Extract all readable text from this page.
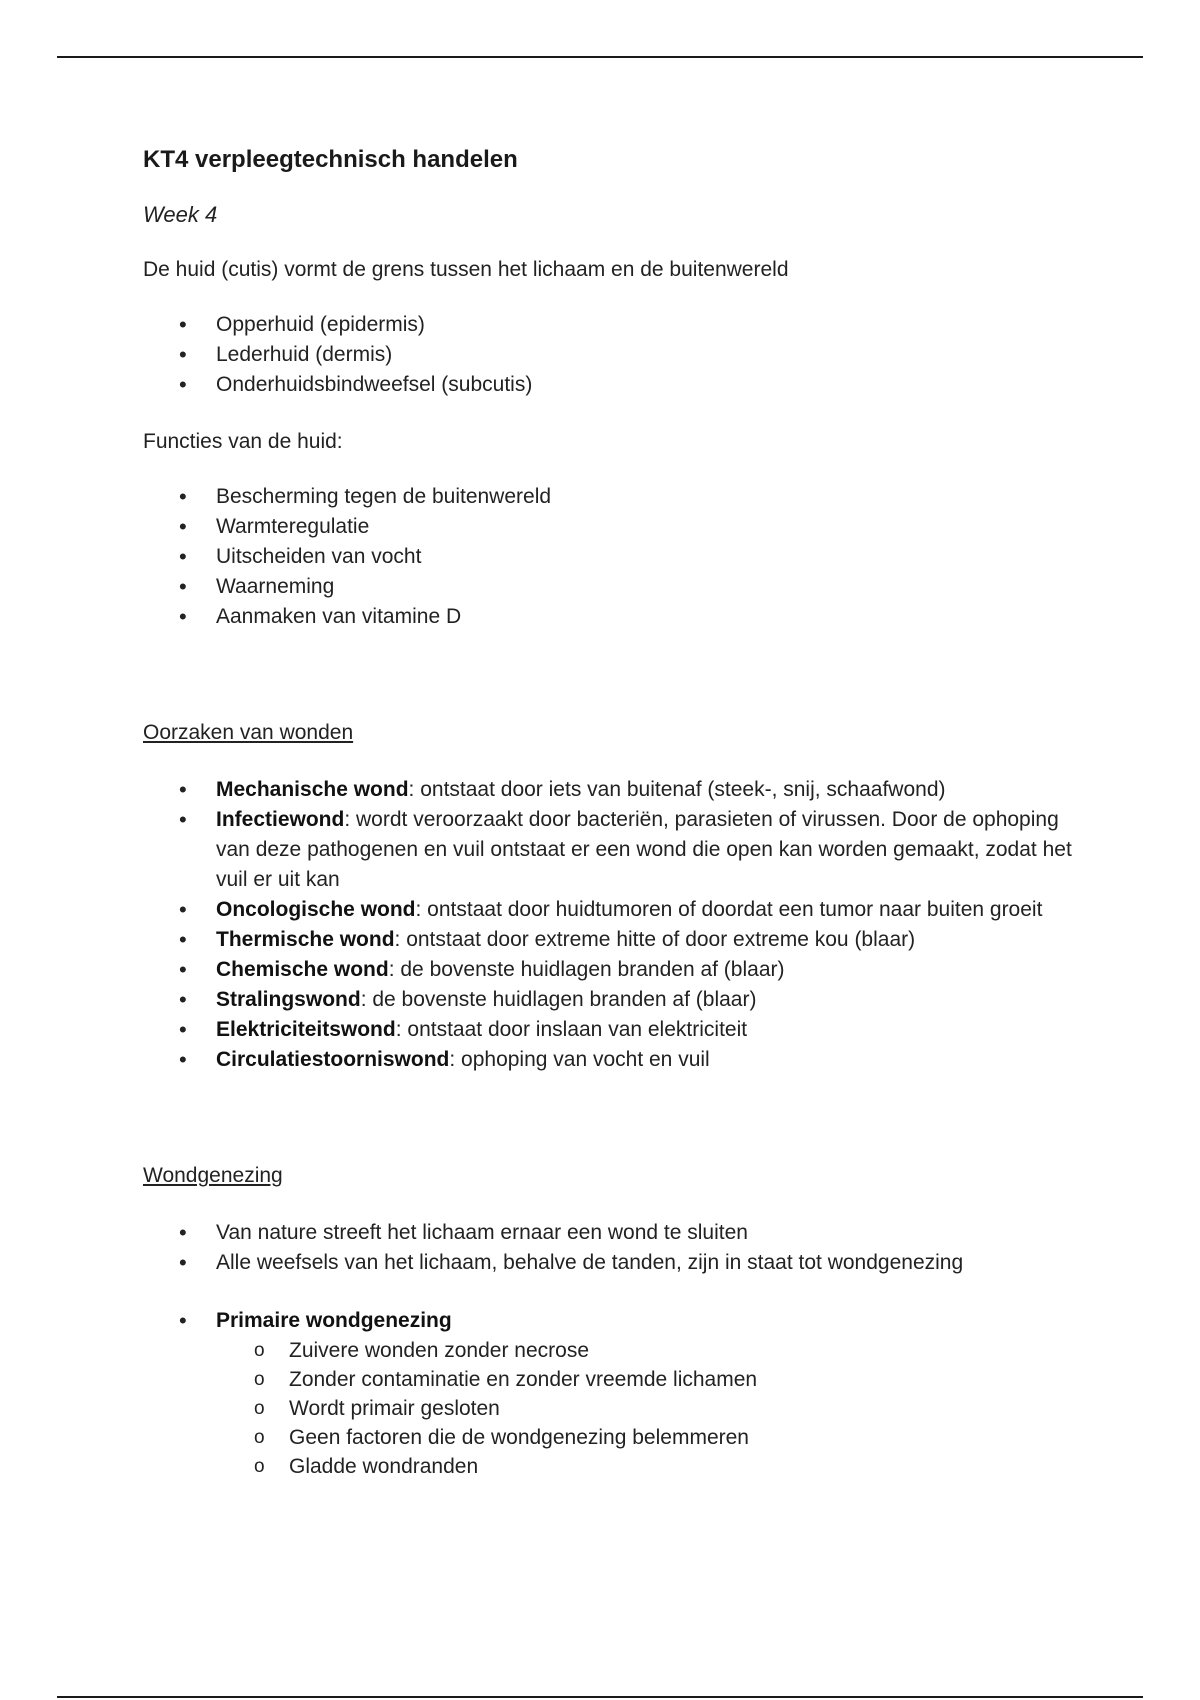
KT4 verpleegtechnisch handelen

Week 4

De huid (cutis) vormt de grens tussen het lichaam en de buitenwereld

• Opperhuid (epidermis)
• Lederhuid (dermis)
• Onderhuidsbindweefsel (subcutis)

Functies van de huid:

• Bescherming tegen de buitenwereld
• Warmteregulatie
• Uitscheiden van vocht
• Waarneming
• Aanmaken van vitamine D

Oorzaken van wonden

• Mechanische wond: ontstaat door iets van buitenaf (steek-, snij, schaafwond)
• Infectiewond: wordt veroorzaakt door bacteriën, parasieten of virussen. Door de ophoping van deze pathogenen en vuil ontstaat er een wond die open kan worden gemaakt, zodat het vuil er uit kan
• Oncologische wond: ontstaat door huidtumoren of doordat een tumor naar buiten groeit
• Thermische wond: ontstaat door extreme hitte of door extreme kou (blaar)
• Chemische wond: de bovenste huidlagen branden af (blaar)
• Stralingswond: de bovenste huidlagen branden af (blaar)
• Elektriciteitswond: ontstaat door inslaan van elektriciteit
• Circulatiestoorniswond: ophoping van vocht en vuil

Wondgenezing

• Van nature streeft het lichaam ernaar een wond te sluiten
• Alle weefsels van het lichaam, behalve de tanden, zijn in staat tot wondgenezing
• Primaire wondgenezing
o Zuivere wonden zonder necrose
o Zonder contaminatie en zonder vreemde lichamen
o Wordt primair gesloten
o Geen factoren die de wondgenezing belemmeren
o Gladde wondranden
